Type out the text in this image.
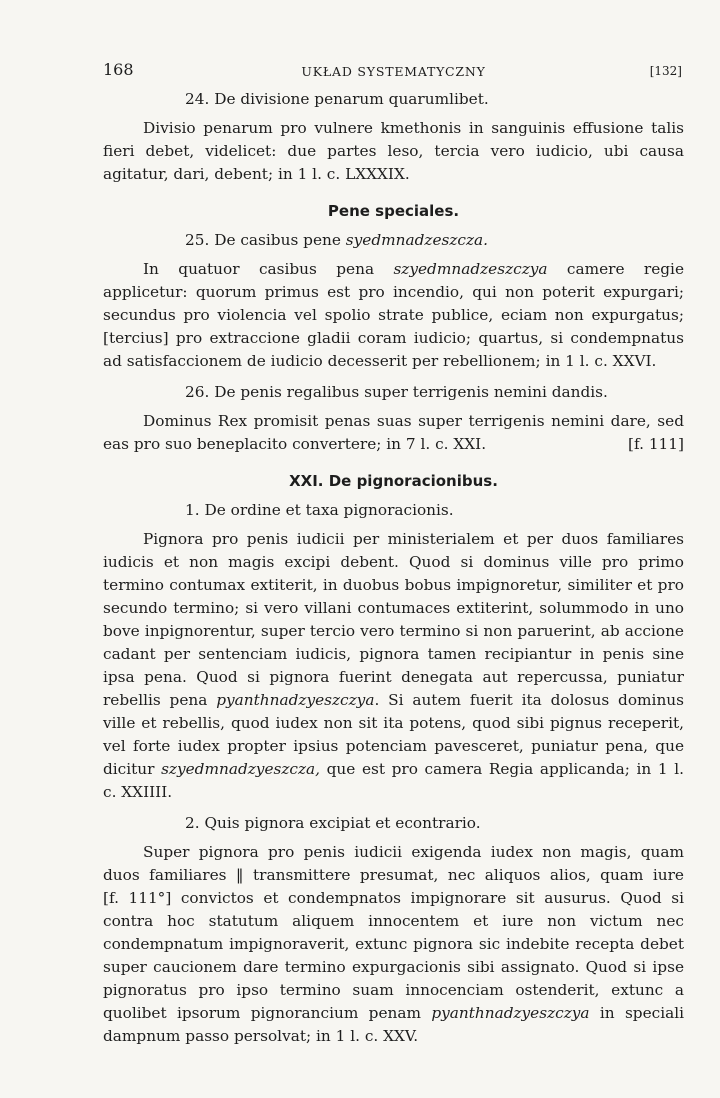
168	UKŁAD SYSTEMATYCZNY	[132]
24. De divisione penarum quarumlibet.

Divisio penarum pro vulnere kmethonis in sanguinis effusione talis fieri debet, videlicet: due partes leso, tercia vero iudicio, ubi causa agitatur, dari, debent; in 1 l. c. LXXXIX.

Pene speciales.
25. De casibus pene syedmnadzeszcza.

In quatuor casibus pena szyedmnadzeszczya camere regie applicetur: quorum primus est pro incendio, qui non poterit expurgari; secundus pro violencia vel spolio strate publice, eciam non expurgatus; [tercius] pro extraccione gladii coram iudicio; quartus, si condempnatus ad satisfaccionem de iudicio decesserit per rebellionem; in 1 l. c. XXVI.

26. De penis regalibus super terrigenis nemini dandis.

Dominus Rex promisit penas suas super terrigenis nemini dare, sed eas pro suo beneplacito convertere; in 7 l. c. XXI.	[f. 111]

XXI. De pignoracionibus.
1. De ordine et taxa pignoracionis.

Pignora pro penis iudicii per ministerialem et per duos familiares iudicis et non magis excipi debent. Quod si dominus ville pro primo termino contumax extiterit, in duobus bobus impignoretur, similiter et pro secundo termino; si vero villani contumaces extiterint, solummodo in uno bove inpignorentur, super tercio vero termino si non paruerint, ab accione cadant per sentenciam iudicis, pignora tamen recipiantur in penis sine ipsa pena. Quod si pignora fuerint denegata aut repercussa, puniatur rebellis pena pyanthnadzyeszczya. Si autem fuerit ita dolosus dominus ville et rebellis, quod iudex non sit ita potens, quod sibi pignus receperit, vel forte iudex propter ipsius potenciam pavesceret, puniatur pena, que dicitur szyedmnadzyeszcza, que est pro camera Regia applicanda; in 1 l. c. XXIIII.

2. Quis pignora excipiat et econtrario.

Super pignora pro penis iudicii exigenda iudex non magis, quam duos familiares ‖ transmittere presumat, nec aliquos alios, quam iure [f. 111°] convictos et condempnatos impignorare sit ausurus. Quod si contra hoc statutum aliquem innocentem et iure non victum nec condempnatum impignoraverit, extunc pignora sic indebite recepta debet super caucionem dare termino expurgacionis sibi assignato. Quod si ipse pignoratus pro ipso termino suam innocenciam ostenderit, extunc a quolibet ipsorum pignorancium penam pyanthnadzyeszczya in speciali dampnum passo persolvat; in 1 l. c. XXV.
